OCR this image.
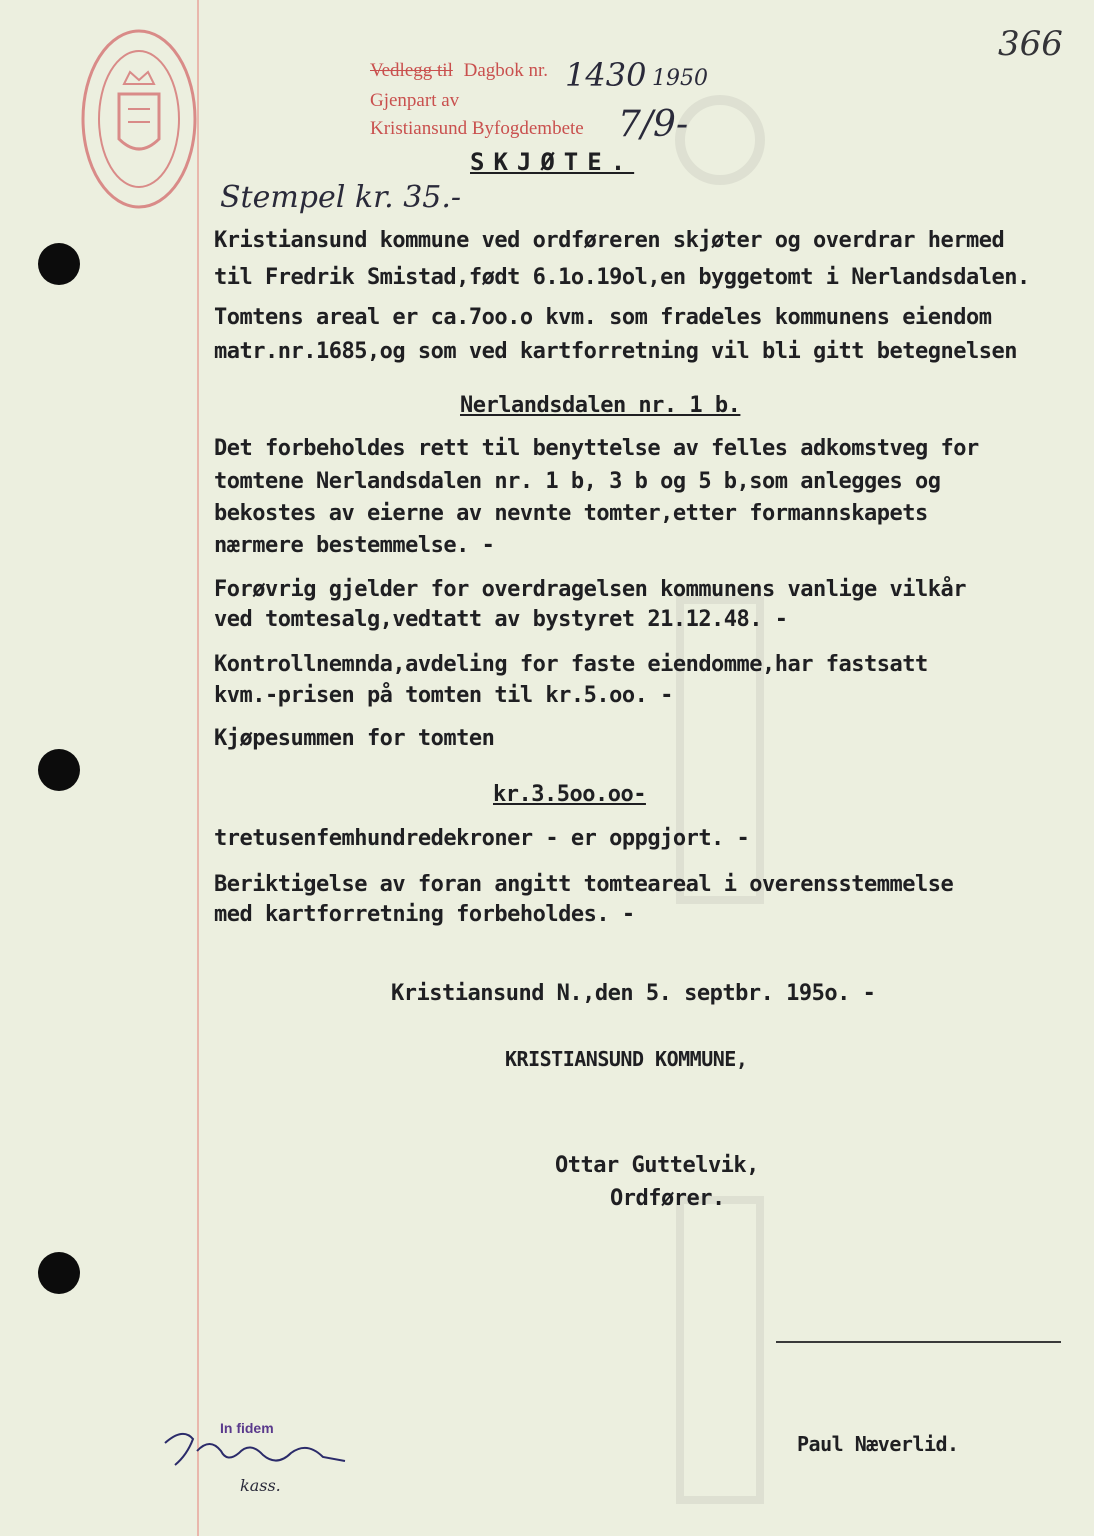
366
Vedlegg til Dagbok nr. 1430 1950
Gjenpart av
Kristiansund Byfogdembete 7/9-
SKJØTE.
Stempel kr. 35.-
Kristiansund kommune ved ordføreren skjøter og overdrar hermed
til Fredrik Smistad,født 6.1o.19ol,en byggetomt i Nerlandsdalen.
Tomtens areal er ca.7oo.o kvm. som fradeles kommunens eiendom
matr.nr.1685,og som ved kartforretning vil bli gitt betegnelsen
Nerlandsdalen nr. 1 b.
Det forbeholdes rett til benyttelse av felles adkomstveg for
tomtene Nerlandsdalen nr. 1 b, 3 b og 5 b,som anlegges og
bekostes av eierne av nevnte tomter,etter formannskapets
nærmere bestemmelse. -
Forøvrig gjelder for overdragelsen kommunens vanlige vilkår
ved tomtesalg,vedtatt av bystyret 21.12.48. -
Kontrollnemnda,avdeling for faste eiendomme,har fastsatt
kvm.-prisen på tomten til kr.5.oo. -
Kjøpesummen for tomten
kr.3.5oo.oo-
tretusenfemhundredekroner - er oppgjort. -
Beriktigelse av foran angitt tomteareal i overensstemmelse
med kartforretning forbeholdes. -
Kristiansund N.,den 5. septbr. 195o. -
KRISTIANSUND KOMMUNE,
Ottar Guttelvik,
Ordfører.
Paul Næverlid.
In fidem
kass.
